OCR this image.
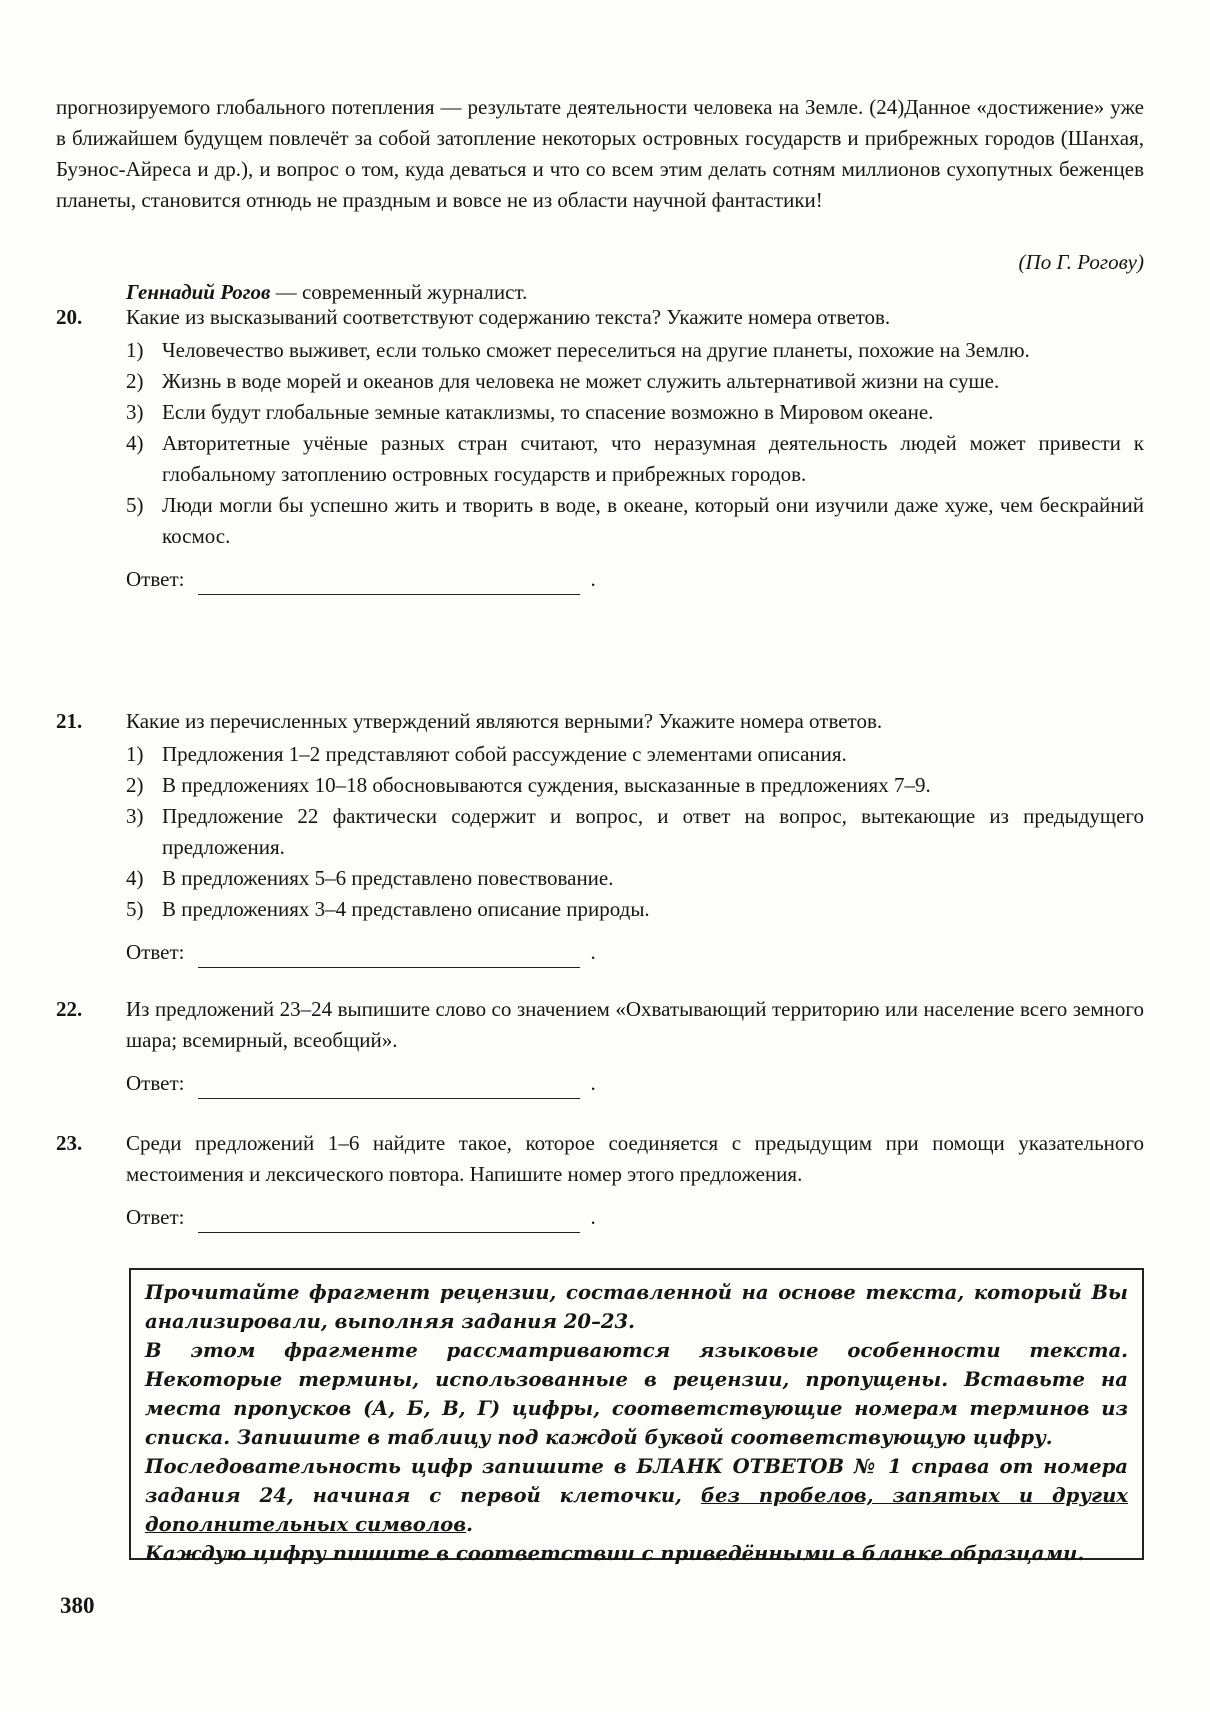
прогнозируемого глобального потепления — результате деятельности человека на Земле. (24)Данное «достижение» уже в ближайшем будущем повлечёт за собой затопление некоторых островных государств и прибрежных городов (Шанхая, Буэнос-Айреса и др.), и вопрос о том, куда деваться и что со всем этим делать сотням миллионов сухопутных беженцев планеты, становится отнюдь не праздным и вовсе не из области научной фантастики!

(По Г. Рогову)
Геннадий Рогов — современный журналист.
20. Какие из высказываний соответствуют содержанию текста? Укажите номера ответов.

1) Человечество выживет, если только сможет переселиться на другие планеты, похожие на Землю.
2) Жизнь в воде морей и океанов для человека не может служить альтернативой жизни на суше.
3) Если будут глобальные земные катаклизмы, то спасение возможно в Мировом океане.
4) Авторитетные учёные разных стран считают, что неразумная деятельность людей может привести к глобальному затоплению островных государств и прибрежных городов.
5) Люди могли бы успешно жить и творить в воде, в океане, который они изучили даже хуже, чем бескрайний космос.
Ответ:	.
21. Какие из перечисленных утверждений являются верными? Укажите номера ответов.

1) Предложения 1–2 представляют собой рассуждение с элементами описания.
2) В предложениях 10–18 обосновываются суждения, высказанные в предложениях 7–9.
3) Предложение 22 фактически содержит и вопрос, и ответ на вопрос, вытекающие из предыдущего предложения.
4) В предложениях 5–6 представлено повествование.
5) В предложениях 3–4 представлено описание природы.
Ответ:	.
22. Из предложений 23–24 выпишите слово со значением «Охватывающий территорию или население всего земного шара; всемирный, всеобщий».

Ответ:	.
23. Среди предложений 1–6 найдите такое, которое соединяется с предыдущим при помощи указательного местоимения и лексического повтора. Напишите номер этого предложения.

Ответ:	.

Прочитайте фрагмент рецензии, составленной на основе текста, который Вы анализировали, выполняя задания 20–23.

В этом фрагменте рассматриваются языковые особенности текста. Некоторые термины, использованные в рецензии, пропущены. Вставьте на места пропусков (А, Б, В, Г) цифры, соответствующие номерам терминов из списка. Запишите в таблицу под каждой буквой соответствующую цифру.

Последовательность цифр запишите в БЛАНК ОТВЕТОВ № 1 справа от номера задания 24, начиная с первой клеточки, без пробелов, запятых и других дополнительных символов.

Каждую цифру пишите в соответствии с приведёнными в бланке образцами.

380
